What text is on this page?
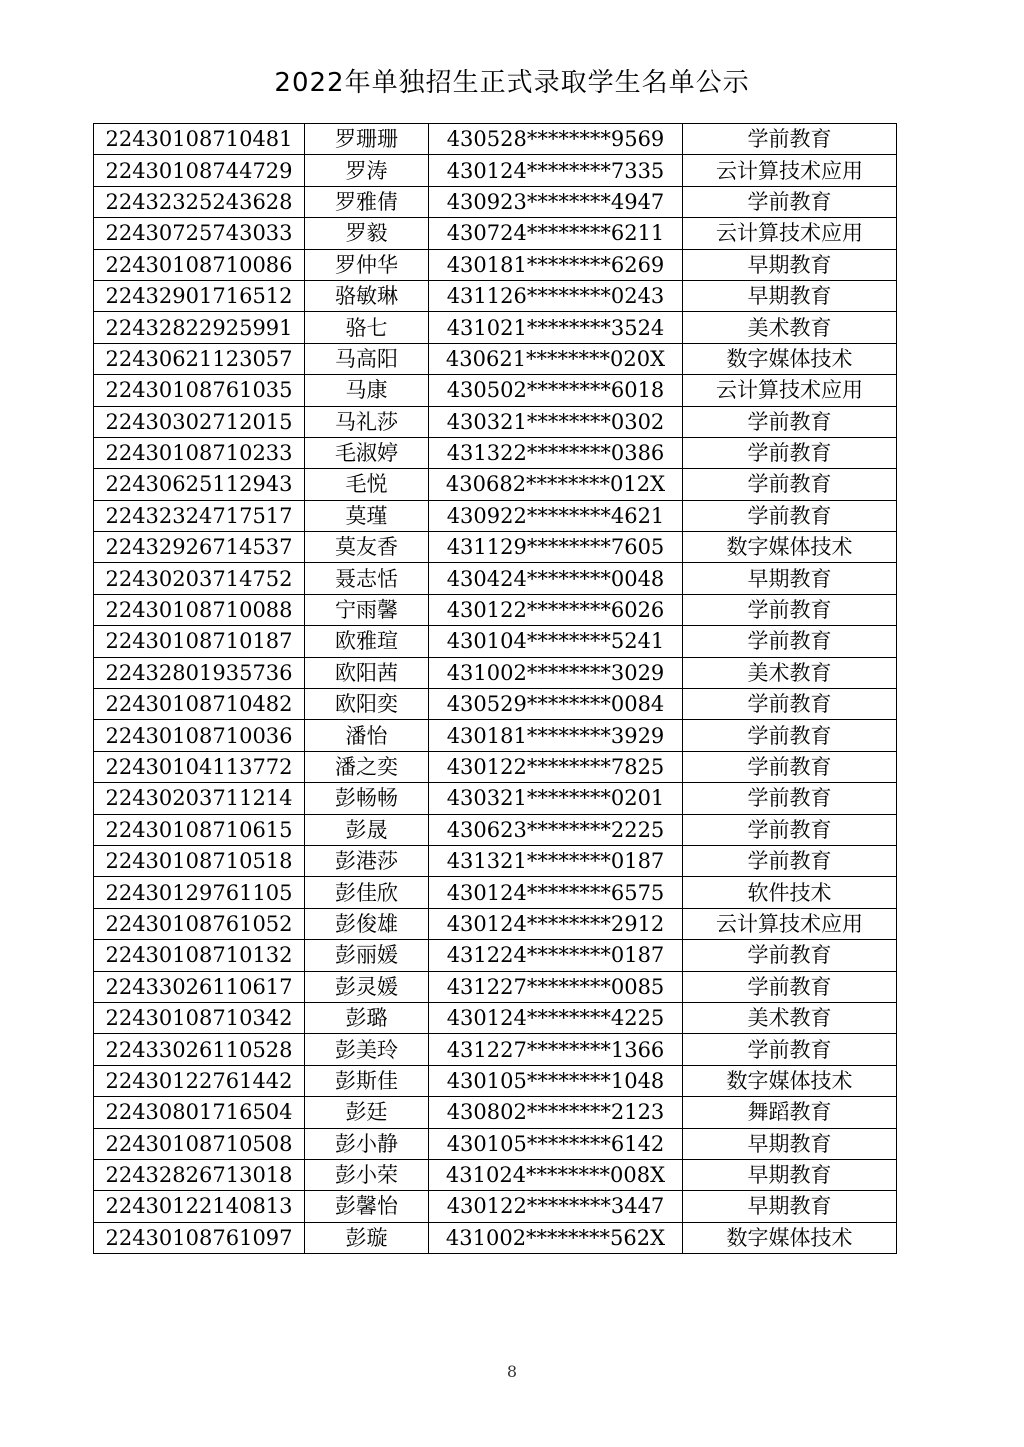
2022年单独招生正式录取学生名单公示
22430108710481	罗珊珊	430528********9569	学前教育
22430108744729	罗涛	430124********7335	云计算技术应用
22432325243628	罗雅倩	430923********4947	学前教育
22430725743033	罗毅	430724********6211	云计算技术应用
22430108710086	罗仲华	430181********6269	早期教育
22432901716512	骆敏琳	431126********0243	早期教育
22432822925991	骆七	431021********3524	美术教育
22430621123057	马高阳	430621********020X	数字媒体技术
22430108761035	马康	430502********6018	云计算技术应用
22430302712015	马礼莎	430321********0302	学前教育
22430108710233	毛淑婷	431322********0386	学前教育
22430625112943	毛悦	430682********012X	学前教育
22432324717517	莫瑾	430922********4621	学前教育
22432926714537	莫友香	431129********7605	数字媒体技术
22430203714752	聂志恬	430424********0048	早期教育
22430108710088	宁雨馨	430122********6026	学前教育
22430108710187	欧雅瑄	430104********5241	学前教育
22432801935736	欧阳茜	431002********3029	美术教育
22430108710482	欧阳奕	430529********0084	学前教育
22430108710036	潘怡	430181********3929	学前教育
22430104113772	潘之奕	430122********7825	学前教育
22430203711214	彭畅畅	430321********0201	学前教育
22430108710615	彭晟	430623********2225	学前教育
22430108710518	彭港莎	431321********0187	学前教育
22430129761105	彭佳欣	430124********6575	软件技术
22430108761052	彭俊雄	430124********2912	云计算技术应用
22430108710132	彭丽媛	431224********0187	学前教育
22433026110617	彭灵媛	431227********0085	学前教育
22430108710342	彭璐	430124********4225	美术教育
22433026110528	彭美玲	431227********1366	学前教育
22430122761442	彭斯佳	430105********1048	数字媒体技术
22430801716504	彭廷	430802********2123	舞蹈教育
22430108710508	彭小静	430105********6142	早期教育
22432826713018	彭小荣	431024********008X	早期教育
22430122140813	彭馨怡	430122********3447	早期教育
22430108761097	彭璇	431002********562X	数字媒体技术
8
